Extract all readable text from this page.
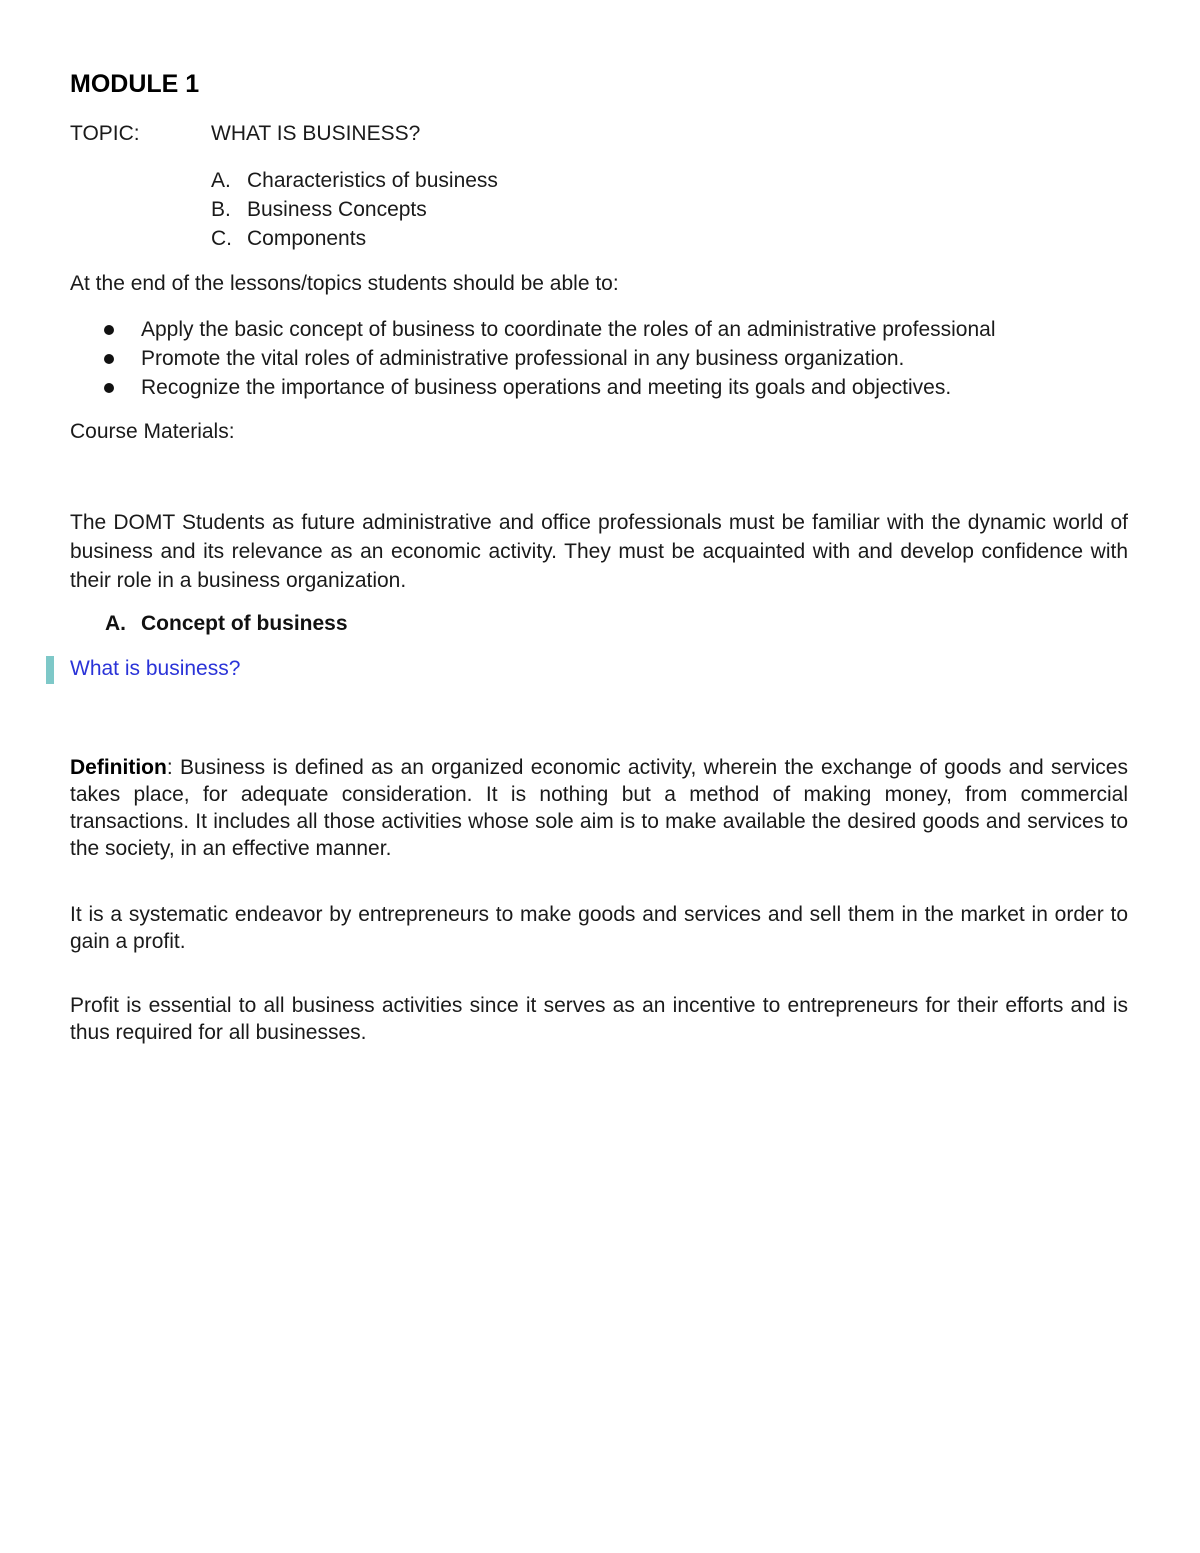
MODULE 1
TOPIC:	WHAT IS BUSINESS?
A. Characteristics of business
B. Business Concepts
C. Components
At the end of the lessons/topics students should be able to:
Apply the basic concept of business to coordinate the roles of an administrative professional
Promote the vital roles of administrative professional in any business organization.
Recognize the importance of business operations and meeting its goals and objectives.
Course Materials:

The DOMT Students as future administrative and office professionals must be familiar with the dynamic world of business and its relevance as an economic activity. They must be acquainted with and develop confidence with their role in a business organization.

A. Concept of business
What is business?

Definition: Business is defined as an organized economic activity, wherein the exchange of goods and services takes place, for adequate consideration. It is nothing but a method of making money, from commercial transactions. It includes all those activities whose sole aim is to make available the desired goods and services to the society, in an effective manner.

It is a systematic endeavor by entrepreneurs to make goods and services and sell them in the market in order to gain a profit.

Profit is essential to all business activities since it serves as an incentive to entrepreneurs for their efforts and is thus required for all businesses.
